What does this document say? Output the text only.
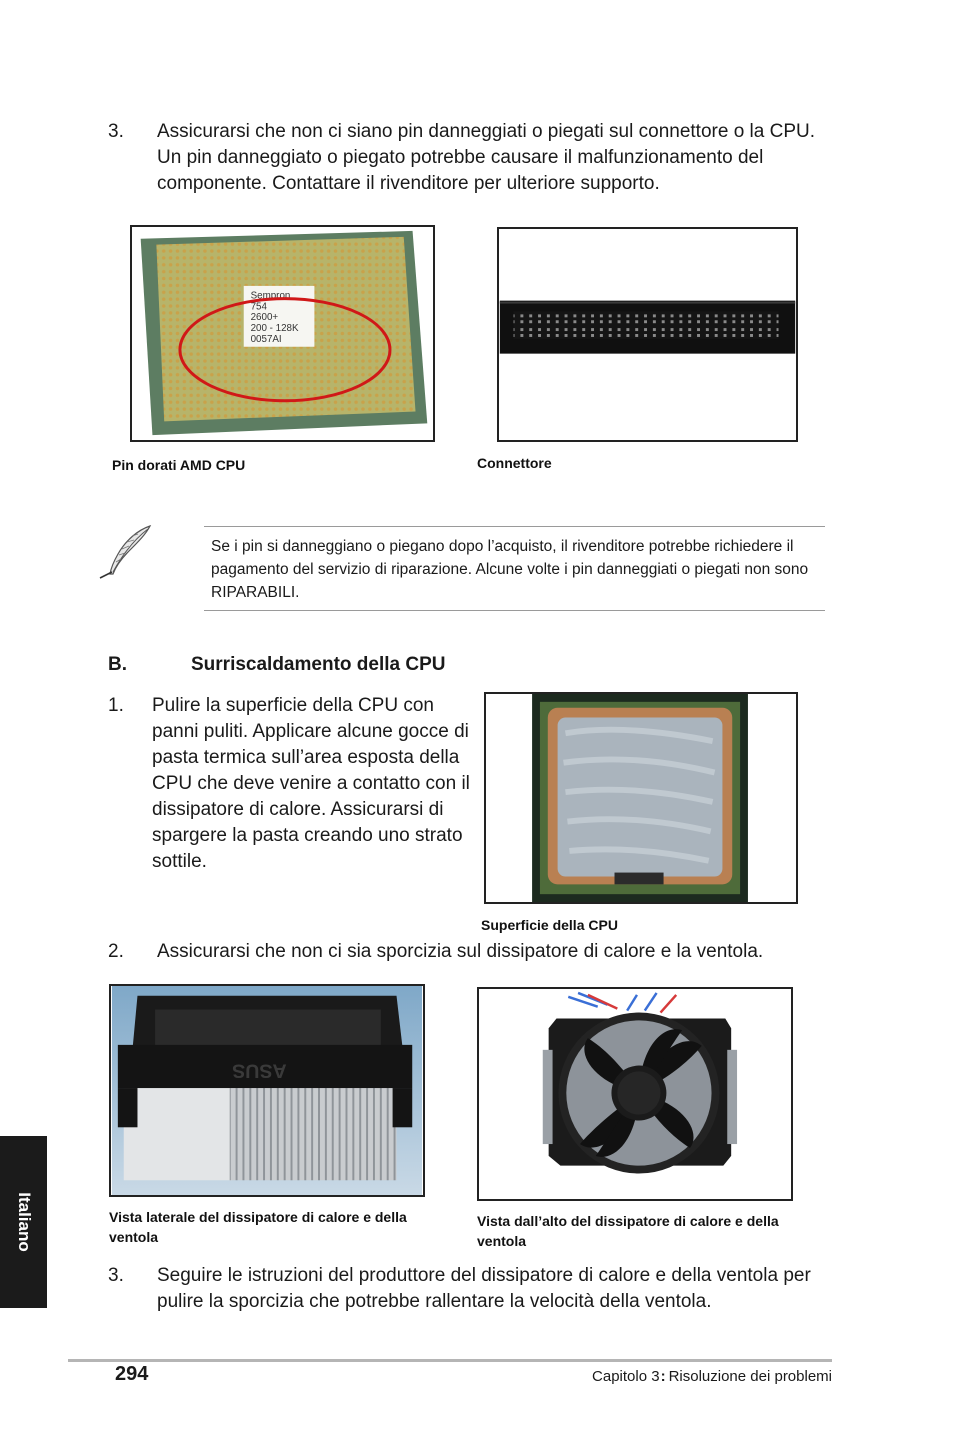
3. Assicurarsi che non ci siano pin danneggiati o piegati sul connettore o la CPU. Un pin danneggiato o piegato potrebbe causare il malfunzionamento del componente. Contattare il rivenditore per ulteriore supporto.
Sempron
754
2600+
200 - 128K
0057AI
Pin dorati AMD CPU	Connettore
Se i pin si danneggiano o piegano dopo l’acquisto, il rivenditore potrebbe richiedere il pagamento del servizio di riparazione. Alcune volte i pin danneggiati o piegati non sono RIPARABILI.
B.	Surriscaldamento della CPU
1. Pulire la superficie della CPU con panni puliti. Applicare alcune gocce di pasta termica sull’area esposta della CPU che deve venire a contatto con il dissipatore di calore. Assicurarsi di spargere la pasta creando uno strato sottile.
Superficie della CPU
2. Assicurarsi che non ci sia sporcizia sul dissipatore di calore e la ventola.
ASUS
Vista laterale del dissipatore di calore e della ventola
Vista dall’alto del dissipatore di calore e della ventola
3. Seguire le istruzioni del produttore del dissipatore di calore e della ventola per pulire la sporcizia che potrebbe rallentare la velocità della ventola.
Italiano
294	Capitolo 3: Risoluzione dei problemi
